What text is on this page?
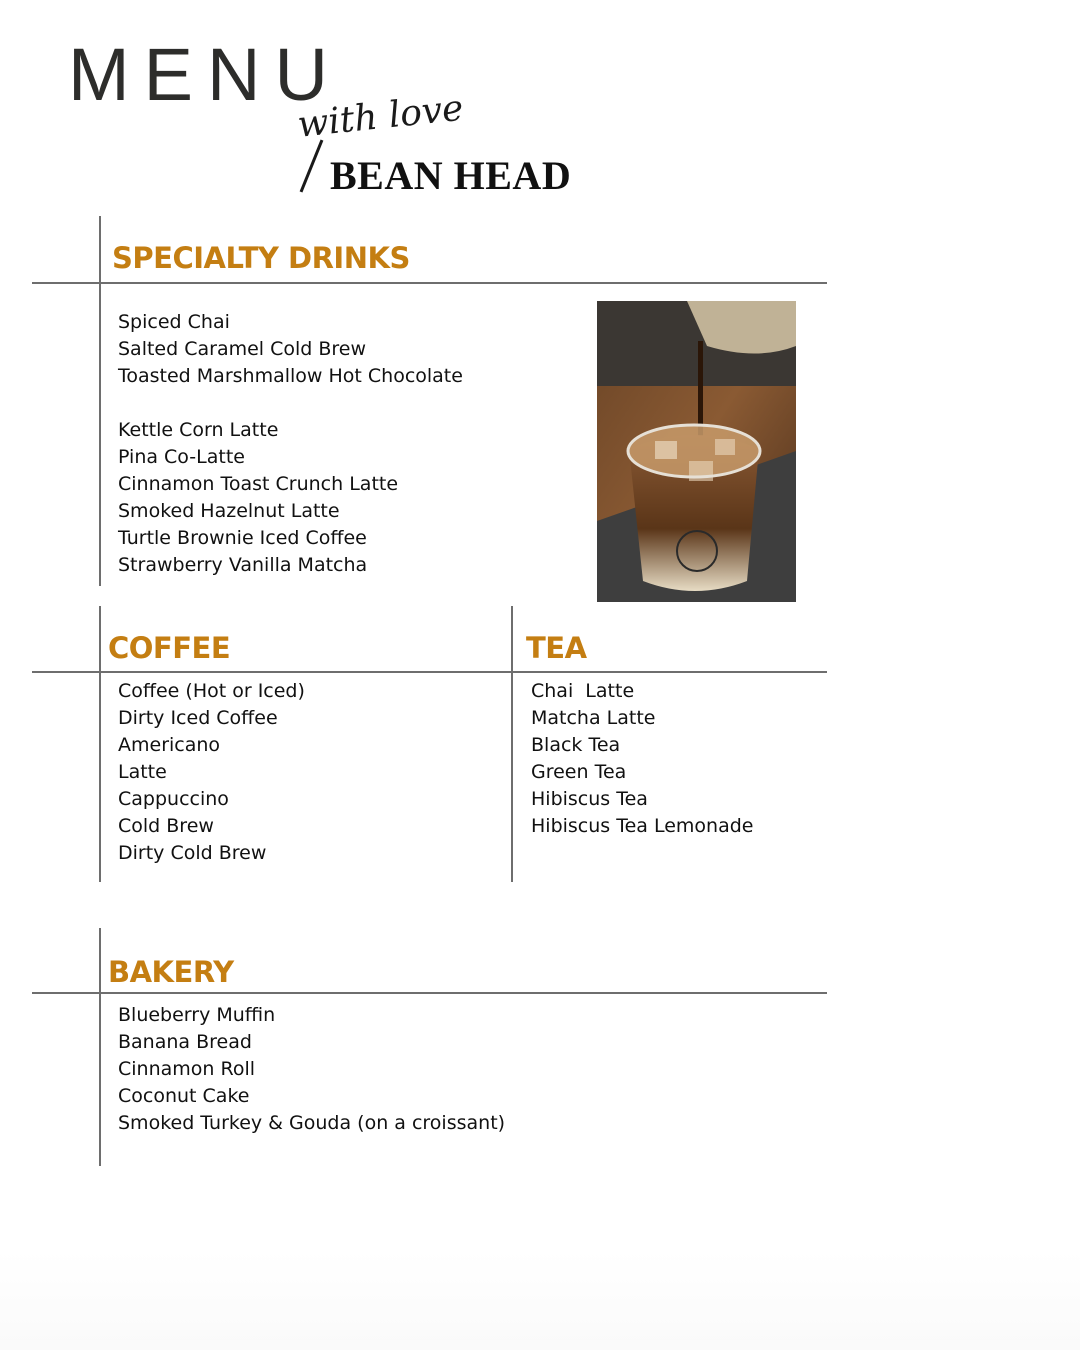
MENU
with love
BEAN HEAD
SPECIALTY DRINKS
Spiced Chai
Salted Caramel Cold Brew
Toasted Marshmallow Hot Chocolate
Kettle Corn Latte
Pina Co-Latte
Cinnamon Toast Crunch Latte
Smoked Hazelnut Latte
Turtle Brownie Iced Coffee
Strawberry Vanilla Matcha
COFFEE	TEA
Coffee (Hot or Iced)
Dirty Iced Coffee
Americano
Latte
Cappuccino
Cold Brew
Dirty Cold Brew
Chai  Latte
Matcha Latte
Black Tea
Green Tea
Hibiscus Tea
Hibiscus Tea Lemonade
BAKERY
Blueberry Muffin
Banana Bread
Cinnamon Roll
Coconut Cake
Smoked Turkey & Gouda (on a croissant)
